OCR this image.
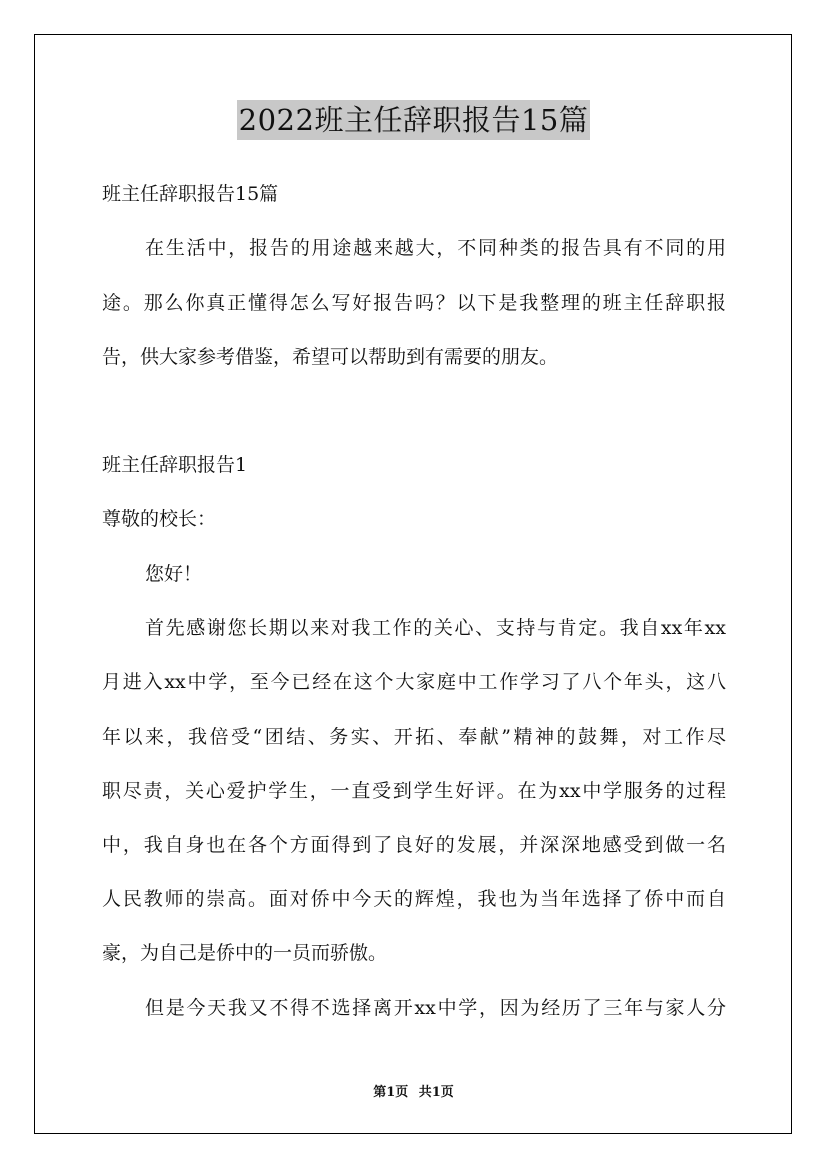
2022班主任辞职报告15篇
班主任辞职报告15篇
在生活中，报告的用途越来越大，不同种类的报告具有不同的用
途。那么你真正懂得怎么写好报告吗？以下是我整理的班主任辞职报
告，供大家参考借鉴，希望可以帮助到有需要的朋友。
班主任辞职报告1
尊敬的校长：
您好！
首先感谢您长期以来对我工作的关心、支持与肯定。我自xx年xx
月进入xx中学，至今已经在这个大家庭中工作学习了八个年头，这八
年以来，我倍受“团结、务实、开拓、奉献”精神的鼓舞，对工作尽
职尽责，关心爱护学生，一直受到学生好评。在为xx中学服务的过程
中，我自身也在各个方面得到了良好的发展，并深深地感受到做一名
人民教师的崇高。面对侨中今天的辉煌，我也为当年选择了侨中而自
豪，为自己是侨中的一员而骄傲。
但是今天我又不得不选择离开xx中学，因为经历了三年与家人分
第1页 共1页
